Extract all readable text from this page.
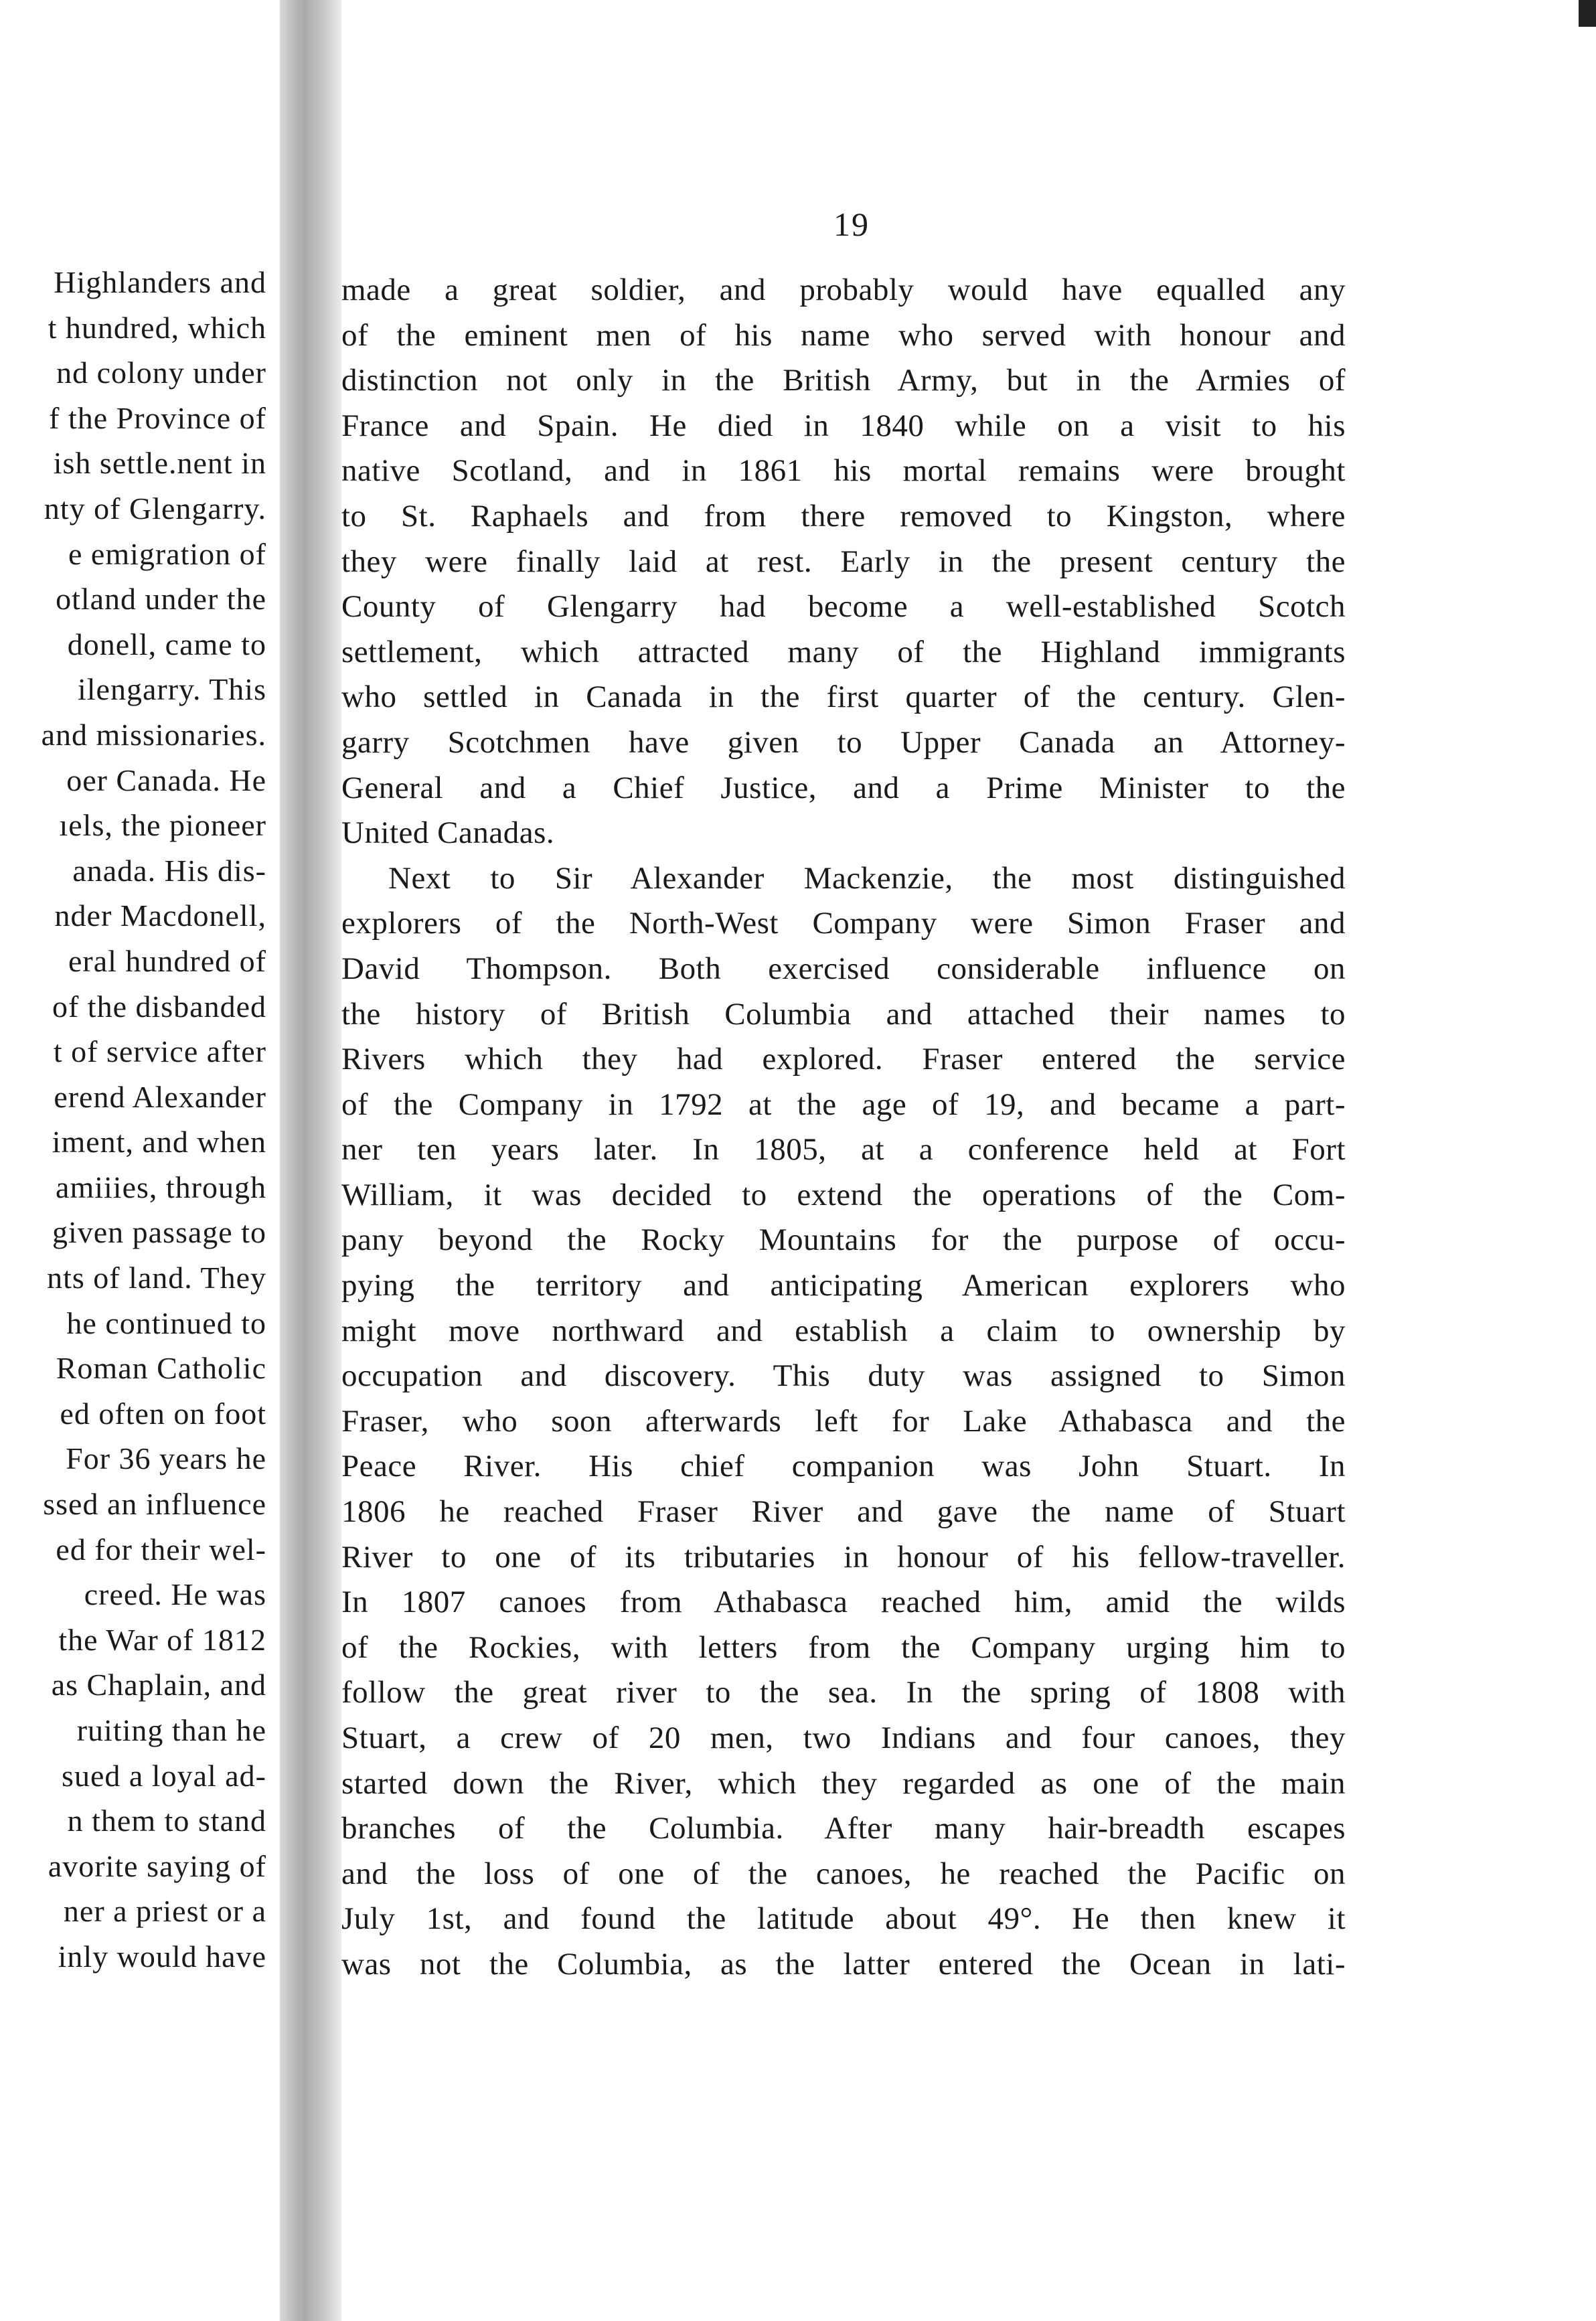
Highlanders and
t hundred, which
nd colony under
f the Province of
ish settle.nent in
nty of Glengarry.
e emigration of
otland under the
donell, came to
ilengarry. This
and missionaries.
oer Canada. He
ıels, the pioneer
anada. His dis-
nder Macdonell,
eral hundred of
of the disbanded
t of service after
erend Alexander
iment, and when
amiiies, through
given passage to
nts of land. They
he continued to
Roman Catholic
ed often on foot
For 36 years he
ssed an influence
ed for their wel-
creed. He was
the War of 1812
as Chaplain, and
ruiting than he
sued a loyal ad-
n them to stand
avorite saying of
ner a priest or a
inly would have
19
made a great soldier, and probably would have equalled any
of the eminent men of his name who served with honour and
distinction not only in the British Army, but in the Armies of
France and Spain. He died in 1840 while on a visit to his
native Scotland, and in 1861 his mortal remains were brought
to St. Raphaels and from there removed to Kingston, where
they were finally laid at rest. Early in the present century the
County of Glengarry had become a well-established Scotch
settlement, which attracted many of the Highland immigrants
who settled in Canada in the first quarter of the century. Glen-
garry Scotchmen have given to Upper Canada an Attorney-
General and a Chief Justice, and a Prime Minister to the
United Canadas.
Next to Sir Alexander Mackenzie, the most distinguished
explorers of the North-West Company were Simon Fraser and
David Thompson. Both exercised considerable influence on
the history of British Columbia and attached their names to
Rivers which they had explored. Fraser entered the service
of the Company in 1792 at the age of 19, and became a part-
ner ten years later. In 1805, at a conference held at Fort
William, it was decided to extend the operations of the Com-
pany beyond the Rocky Mountains for the purpose of occu-
pying the territory and anticipating American explorers who
might move northward and establish a claim to ownership by
occupation and discovery. This duty was assigned to Simon
Fraser, who soon afterwards left for Lake Athabasca and the
Peace River. His chief companion was John Stuart. In
1806 he reached Fraser River and gave the name of Stuart
River to one of its tributaries in honour of his fellow-traveller.
In 1807 canoes from Athabasca reached him, amid the wilds
of the Rockies, with letters from the Company urging him to
follow the great river to the sea. In the spring of 1808 with
Stuart, a crew of 20 men, two Indians and four canoes, they
started down the River, which they regarded as one of the main
branches of the Columbia. After many hair-breadth escapes
and the loss of one of the canoes, he reached the Pacific on
July 1st, and found the latitude about 49°. He then knew it
was not the Columbia, as the latter entered the Ocean in lati-
